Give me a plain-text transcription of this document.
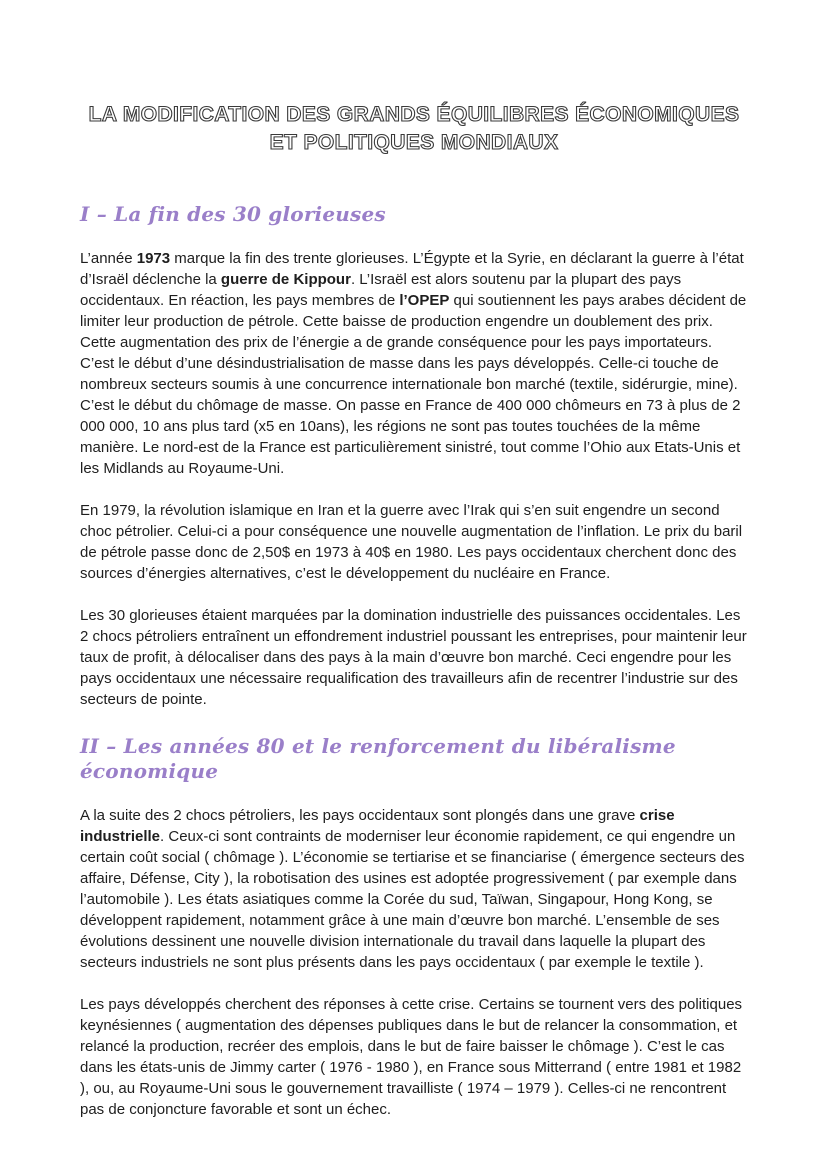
LA MODIFICATION DES GRANDS ÉQUILIBRES ÉCONOMIQUES ET POLITIQUES MONDIAUX
I – La fin des 30 glorieuses

L’année 1973 marque la fin des trente glorieuses. L’Égypte et la Syrie, en déclarant la guerre à l’état d’Israël déclenche la guerre de Kippour. L’Israël est alors soutenu par la plupart des pays occidentaux. En réaction, les pays membres de l’OPEP qui soutiennent les pays arabes décident de limiter leur production de pétrole. Cette baisse de production engendre un doublement des prix. Cette augmentation des prix de l’énergie a de grande conséquence pour les pays importateurs. C’est le début d’une désindustrialisation de masse dans les pays développés. Celle-ci touche de nombreux secteurs soumis à une concurrence internationale bon marché (textile, sidérurgie, mine). C’est le début du chômage de masse. On passe en France de 400 000 chômeurs en 73 à plus de 2 000 000, 10 ans plus tard (x5 en 10ans), les régions ne sont pas toutes touchées de la même manière. Le nord-est de la France est particulièrement sinistré, tout comme l’Ohio aux Etats-Unis et les Midlands au Royaume-Uni.

En 1979, la révolution islamique en Iran et la guerre avec l’Irak qui s’en suit engendre un second choc pétrolier. Celui-ci a pour conséquence une nouvelle augmentation de l’inflation. Le prix du baril de pétrole passe donc de 2,50$ en 1973 à 40$ en 1980. Les pays occidentaux cherchent donc des sources d’énergies alternatives, c’est le développement du nucléaire en France.

Les 30 glorieuses étaient marquées par la domination industrielle des puissances occidentales. Les 2 chocs pétroliers entraînent un effondrement industriel poussant les entreprises, pour maintenir leur taux de profit, à délocaliser dans des pays à la main d’œuvre bon marché. Ceci engendre pour les pays occidentaux une nécessaire requalification des travailleurs afin de recentrer l’industrie sur des secteurs de pointe.

II – Les années 80 et le renforcement du libéralisme économique

A la suite des 2 chocs pétroliers, les pays occidentaux sont plongés dans une grave crise industrielle. Ceux-ci sont contraints de moderniser leur économie rapidement, ce qui engendre un certain coût social ( chômage ). L’économie se tertiarise et se financiarise ( émergence secteurs des affaire, Défense, City ), la robotisation des usines est adoptée progressivement ( par exemple dans l’automobile ). Les états asiatiques comme la Corée du sud, Taïwan, Singapour, Hong Kong, se développent rapidement, notamment grâce à une main d’œuvre bon marché. L’ensemble de ses évolutions dessinent une nouvelle division internationale du travail dans laquelle la plupart des secteurs industriels ne sont plus présents dans les pays occidentaux ( par exemple le textile ).

Les pays développés cherchent des réponses à cette crise. Certains se tournent vers des politiques keynésiennes ( augmentation des dépenses publiques dans le but de relancer la consommation, et relancé la production, recréer des emplois, dans le but de faire baisser le chômage ). C’est le cas dans les états-unis de Jimmy carter ( 1976 - 1980 ), en France sous Mitterrand ( entre 1981 et 1982 ), ou, au Royaume-Uni sous le gouvernement travailliste ( 1974 – 1979 ). Celles-ci ne rencontrent pas de conjoncture favorable et sont un échec.
